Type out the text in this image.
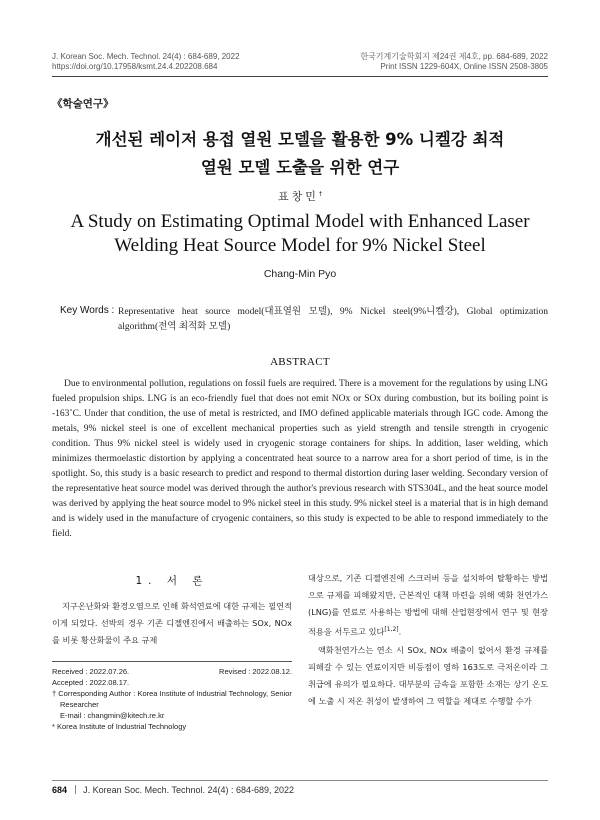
J. Korean Soc. Mech. Technol. 24(4) : 684-689, 2022
https://doi.org/10.17958/ksmt.24.4.202208.684
한국기계기술학회지 제24권 제4호, pp. 684-689, 2022
Print ISSN 1229-604X, Online ISSN 2508-3805
《학술연구》
개선된 레이저 용접 열원 모델을 활용한 9% 니켈강 최적
열원 모델 도출을 위한 연구
표창민†
A Study on Estimating Optimal Model with Enhanced Laser
Welding Heat Source Model for 9% Nickel Steel
Chang-Min Pyo
Key Words : Representative heat source model(대표열원 모델), 9% Nickel steel(9%니켈강), Global optimization algorithm(전역 최적화 모델)
ABSTRACT
Due to environmental pollution, regulations on fossil fuels are required. There is a movement for the regulations by using LNG fueled propulsion ships. LNG is an eco-friendly fuel that does not emit NOx or SOx during combustion, but its boiling point is -163˚C. Under that condition, the use of metal is restricted, and IMO defined applicable materials through IGC code. Among the metals, 9% nickel steel is one of excellent mechanical properties such as yield strength and tensile strength in cryogenic condition. Thus 9% nickel steel is widely used in cryogenic storage containers for ships. In addition, laser welding, which minimizes thermoelastic distortion by applying a concentrated heat source to a narrow area for a short period of time, is in the spotlight. So, this study is a basic research to predict and respond to thermal distortion during laser welding. Secondary version of the representative heat source model was derived through the author's previous research with STS304L, and the heat source model was derived by applying the heat source model to 9% nickel steel in this study. 9% nickel steel is a material that is in high demand and is widely used in the manufacture of cryogenic containers, so this study is expected to be able to respond immediately to the field.
1. 서 론
지구온난화와 환경오염으로 인해 화석연료에 대한 규제는 필연적이게 되었다. 선박의 경우 기존 디젤엔진에서 배출하는 SOx, NOx를 비롯 황산화물이 주요 규제

대상으로, 기존 디젤엔진에 스크러버 등을 설치하여 탈황하는 방법으로 규제를 피해왔지만, 근본적인 대책 마련을 위해 액화 천연가스(LNG)를 연료로 사용하는 방법에 대해 산업현장에서 연구 및 현장 적용을 서두르고 있다[1,2].

액화천연가스는 연소 시 SOx, NOx 배출이 없어서 환경 규제를 피해갈 수 있는 연료이지만 비등점이 영하 163도로 극저온이라 그 취급에 유의가 필요하다. 대부분의 금속을 포함한 소재는 상기 온도에 노출 시 저온 취성이 발생하여 그 역할을 제대로 수행할 수가

Received : 2022.07.26.	Revised : 2022.08.12.
Accepted : 2022.08.17.
† Corresponding Author : Korea Institute of Industrial Technology, Senior Researcher
E-mail : changmin@kitech.re.kr
* Korea Institute of Industrial Technology
684 J. Korean Soc. Mech. Technol. 24(4) : 684-689, 2022
